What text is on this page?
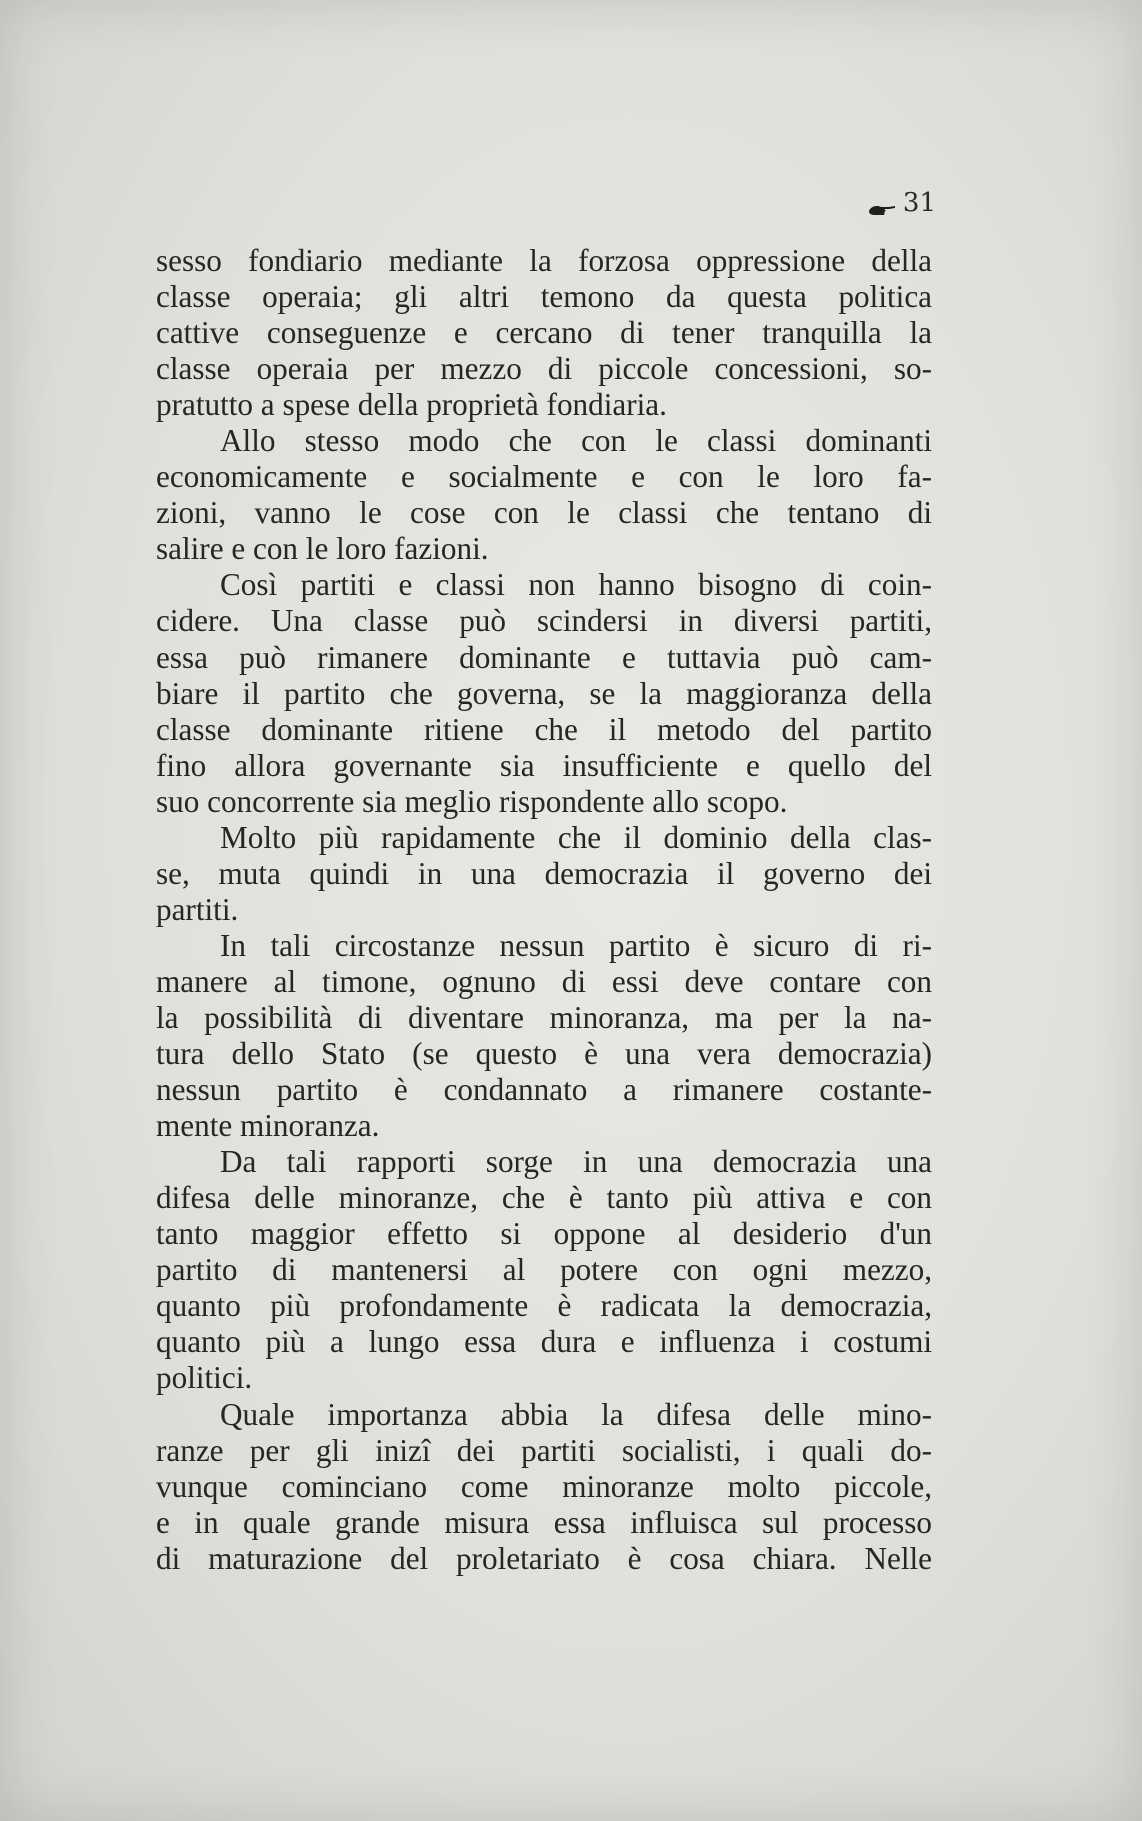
31
sesso fondiario mediante la forzosa oppressione della
classe operaia; gli altri temono da questa politica
cattive conseguenze e cercano di tener tranquilla la
classe operaia per mezzo di piccole concessioni, so-
pratutto a spese della proprietà fondiaria.
Allo stesso modo che con le classi dominanti
economicamente e socialmente e con le loro fa-
zioni, vanno le cose con le classi che tentano di
salire e con le loro fazioni.
Così partiti e classi non hanno bisogno di coin-
cidere. Una classe può scindersi in diversi partiti,
essa può rimanere dominante e tuttavia può cam-
biare il partito che governa, se la maggioranza della
classe dominante ritiene che il metodo del partito
fino allora governante sia insufficiente e quello del
suo concorrente sia meglio rispondente allo scopo.
Molto più rapidamente che il dominio della clas-
se, muta quindi in una democrazia il governo dei
partiti.
In tali circostanze nessun partito è sicuro di ri-
manere al timone, ognuno di essi deve contare con
la possibilità di diventare minoranza, ma per la na-
tura dello Stato (se questo è una vera democrazia)
nessun partito è condannato a rimanere costante-
mente minoranza.
Da tali rapporti sorge in una democrazia una
difesa delle minoranze, che è tanto più attiva e con
tanto maggior effetto si oppone al desiderio d'un
partito di mantenersi al potere con ogni mezzo,
quanto più profondamente è radicata la democrazia,
quanto più a lungo essa dura e influenza i costumi
politici.
Quale importanza abbia la difesa delle mino-
ranze per gli inizî dei partiti socialisti, i quali do-
vunque cominciano come minoranze molto piccole,
e in quale grande misura essa influisca sul processo
di maturazione del proletariato è cosa chiara. Nelle
